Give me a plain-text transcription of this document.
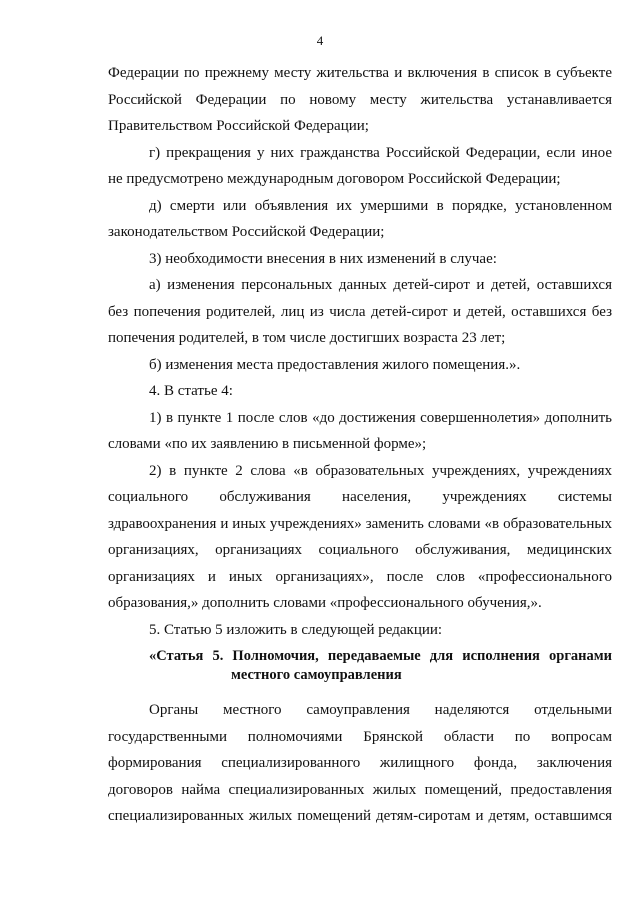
4

Федерации по прежнему месту жительства и включения в список в субъекте Российской Федерации по новому месту жительства устанавливается Правительством Российской Федерации;

г) прекращения у них гражданства Российской Федерации, если иное не предусмотрено международным договором Российской Федерации;

д) смерти или объявления их умершими в порядке, установленном законодательством Российской Федерации;

3) необходимости внесения в них изменений в случае:

а) изменения персональных данных детей-сирот и детей, оставшихся без попечения родителей, лиц из числа детей-сирот и детей, оставшихся без попечения родителей, в том числе достигших возраста 23 лет;

б) изменения места предоставления жилого помещения.».

4. В статье 4:

1) в пункте 1 после слов «до достижения совершеннолетия» дополнить словами «по их заявлению в письменной форме»;

2) в пункте 2 слова «в образовательных учреждениях, учреждениях социального обслуживания населения, учреждениях системы здравоохранения и иных учреждениях» заменить словами «в образовательных организациях, организациях социального обслуживания, медицинских организациях и иных организациях», после слов «профессионального образования,» дополнить словами «профессионального обучения,».

5. Статью 5 изложить в следующей редакции:

«Статья 5. Полномочия, передаваемые для исполнения органами
местного самоуправления

Органы местного самоуправления наделяются отдельными государственными полномочиями Брянской области по вопросам формирования специализированного жилищного фонда, заключения договоров найма специализированных жилых помещений, предоставления специализированных жилых помещений детям-сиротам и детям, оставшимся
